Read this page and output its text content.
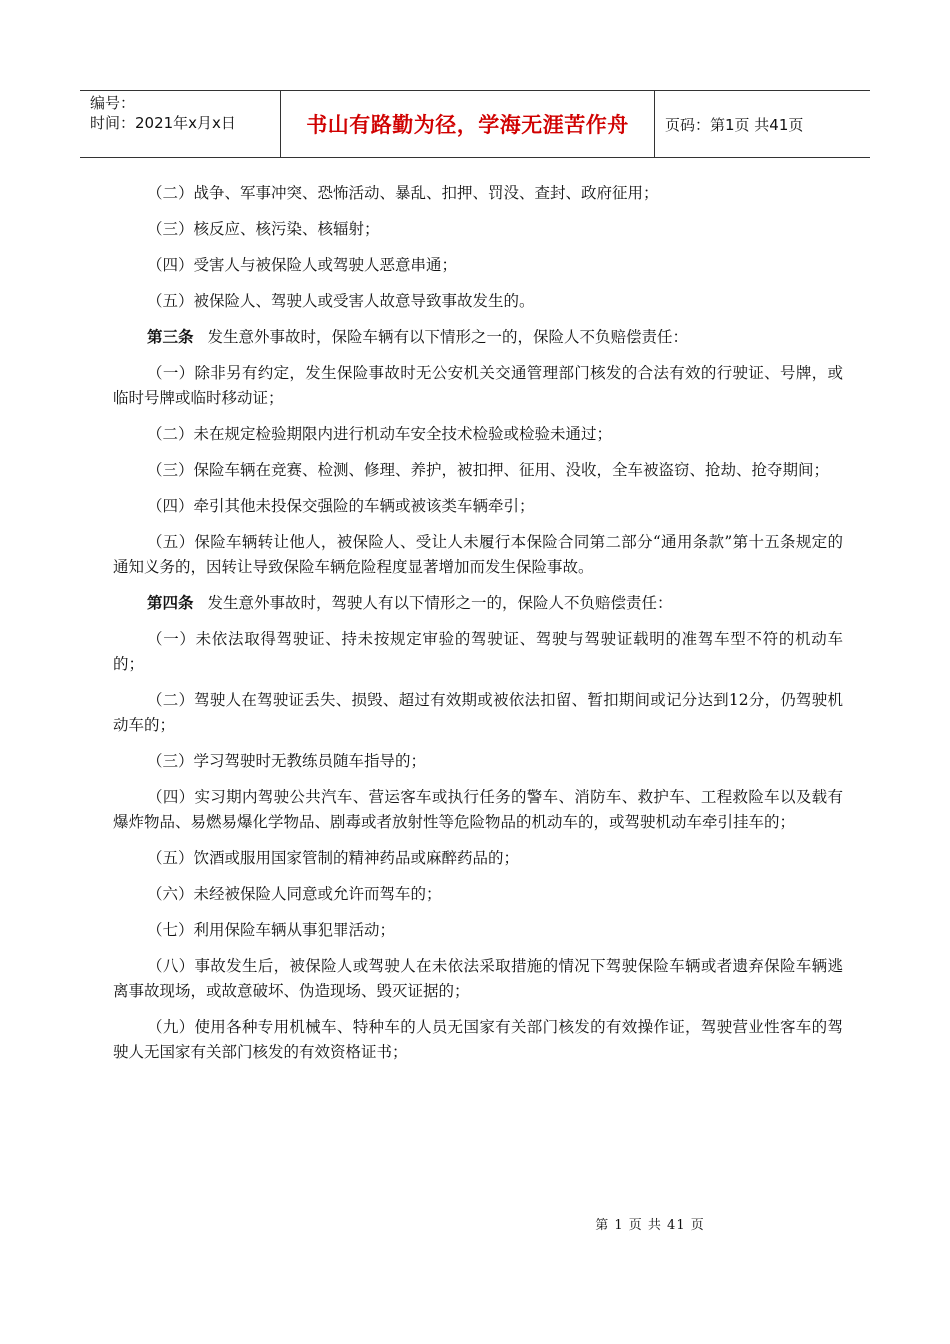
编号：
时间：2021年x月x日	书山有路勤为径，学海无涯苦作舟 页码：第1页 共41页

（二）战争、军事冲突、恐怖活动、暴乱、扣押、罚没、查封、政府征用；

（三）核反应、核污染、核辐射；

（四）受害人与被保险人或驾驶人恶意串通；

（五）被保险人、驾驶人或受害人故意导致事故发生的。

第三条 发生意外事故时，保险车辆有以下情形之一的，保险人不负赔偿责任：

（一）除非另有约定，发生保险事故时无公安机关交通管理部门核发的合法有效的行驶证、号牌，或临时号牌或临时移动证；

（二）未在规定检验期限内进行机动车安全技术检验或检验未通过；

（三）保险车辆在竞赛、检测、修理、养护，被扣押、征用、没收，全车被盗窃、抢劫、抢夺期间；

（四）牵引其他未投保交强险的车辆或被该类车辆牵引；

（五）保险车辆转让他人，被保险人、受让人未履行本保险合同第二部分“通用条款”第十五条规定的通知义务的，因转让导致保险车辆危险程度显著增加而发生保险事故。

第四条 发生意外事故时，驾驶人有以下情形之一的，保险人不负赔偿责任：

（一）未依法取得驾驶证、持未按规定审验的驾驶证、驾驶与驾驶证载明的准驾车型不符的机动车的；

（二）驾驶人在驾驶证丢失、损毁、超过有效期或被依法扣留、暂扣期间或记分达到12分，仍驾驶机动车的；

（三）学习驾驶时无教练员随车指导的；

（四）实习期内驾驶公共汽车、营运客车或执行任务的警车、消防车、救护车、工程救险车以及载有爆炸物品、易燃易爆化学物品、剧毒或者放射性等危险物品的机动车的，或驾驶机动车牵引挂车的；

（五）饮酒或服用国家管制的精神药品或麻醉药品的；

（六）未经被保险人同意或允许而驾车的；

（七）利用保险车辆从事犯罪活动；

（八）事故发生后，被保险人或驾驶人在未依法采取措施的情况下驾驶保险车辆或者遗弃保险车辆逃离事故现场，或故意破坏、伪造现场、毁灭证据的；

（九）使用各种专用机械车、特种车的人员无国家有关部门核发的有效操作证，驾驶营业性客车的驾驶人无国家有关部门核发的有效资格证书；

第 1 页 共 41 页
